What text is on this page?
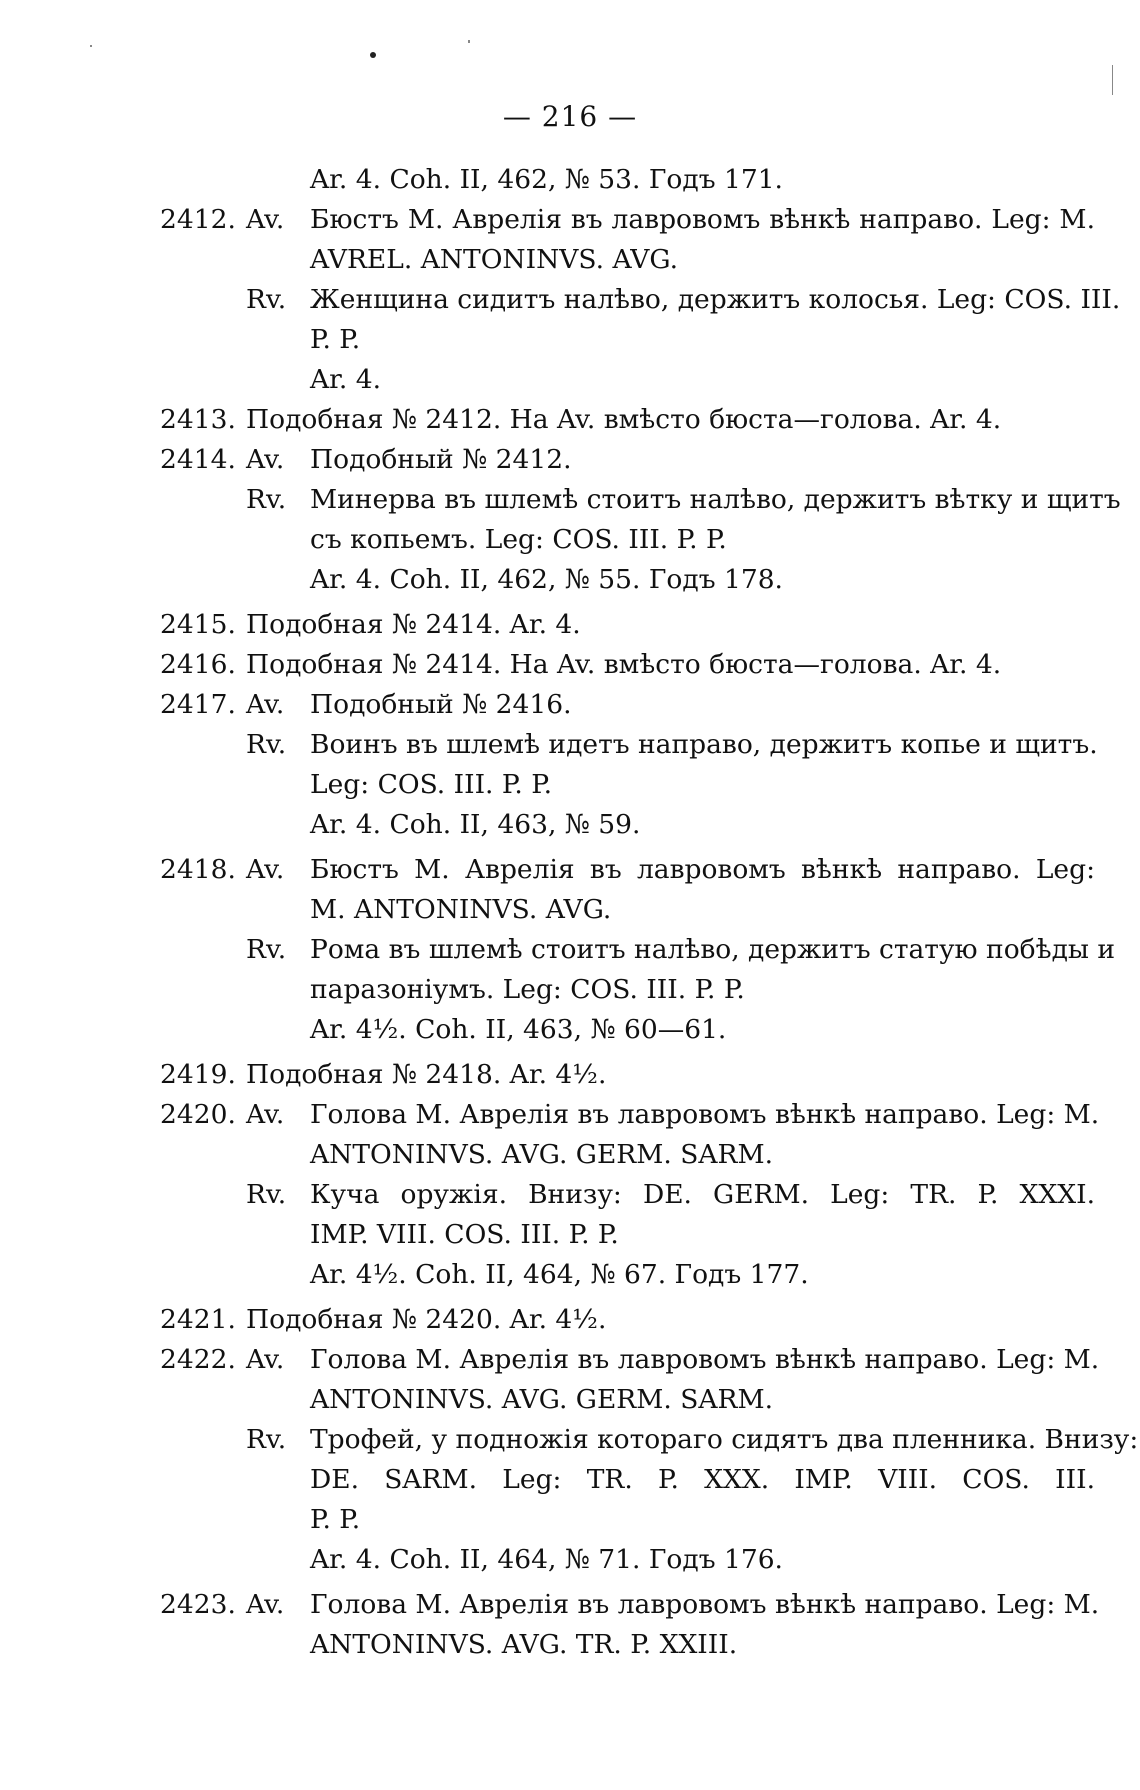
— 216 —
Ar. 4. Coh. II, 462, № 53. Годъ 171.
2412. Av. Бюстъ М. Аврелія въ лавровомъ вѣнкѣ направо. Leg: M.
AVREL. ANTONINVS. AVG.
Rv. Женщина сидитъ налѣво, держитъ колосья. Leg: COS. III.
P. P.
Ar. 4.
2413. Подобная № 2412. На Av. вмѣсто бюста—голова. Ar. 4.
2414. Av. Подобный № 2412.
Rv. Минерва въ шлемѣ стоитъ налѣво, держитъ вѣтку и щитъ
съ копьемъ. Leg: COS. III. P. P.
Ar. 4. Coh. II, 462, № 55. Годъ 178.
2415. Подобная № 2414. Ar. 4.
2416. Подобная № 2414. На Av. вмѣсто бюста—голова. Ar. 4.
2417. Av. Подобный № 2416.
Rv. Воинъ въ шлемѣ идетъ направо, держитъ копье и щитъ.
Leg: COS. III. P. P.
Ar. 4. Coh. II, 463, № 59.
2418. Av. Бюстъ М. Аврелія въ лавровомъ вѣнкѣ направо. Leg:
M. ANTONINVS. AVG.
Rv. Рома въ шлемѣ стоитъ налѣво, держитъ статую побѣды и
паразоніумъ. Leg: COS. III. P. P.
Ar. 4½. Coh. II, 463, № 60—61.
2419. Подобная № 2418. Ar. 4½.
2420. Av. Голова М. Аврелія въ лавровомъ вѣнкѣ направо. Leg: M.
ANTONINVS. AVG. GERM. SARM.
Rv. Куча оружія. Внизу: DE. GERM. Leg: TR. P. XXXI.
IMP. VIII. COS. III. P. P.
Ar. 4½. Coh. II, 464, № 67. Годъ 177.
2421. Подобная № 2420. Ar. 4½.
2422. Av. Голова М. Аврелія въ лавровомъ вѣнкѣ направо. Leg: M.
ANTONINVS. AVG. GERM. SARM.
Rv. Трофей, у подножія котораго сидятъ два пленника. Внизу:
DE. SARM. Leg: TR. P. XXX. IMP. VIII. COS. III.
P. P.
Ar. 4. Coh. II, 464, № 71. Годъ 176.
2423. Av. Голова М. Аврелія въ лавровомъ вѣнкѣ направо. Leg: M.
ANTONINVS. AVG. TR. P. XXIII.
